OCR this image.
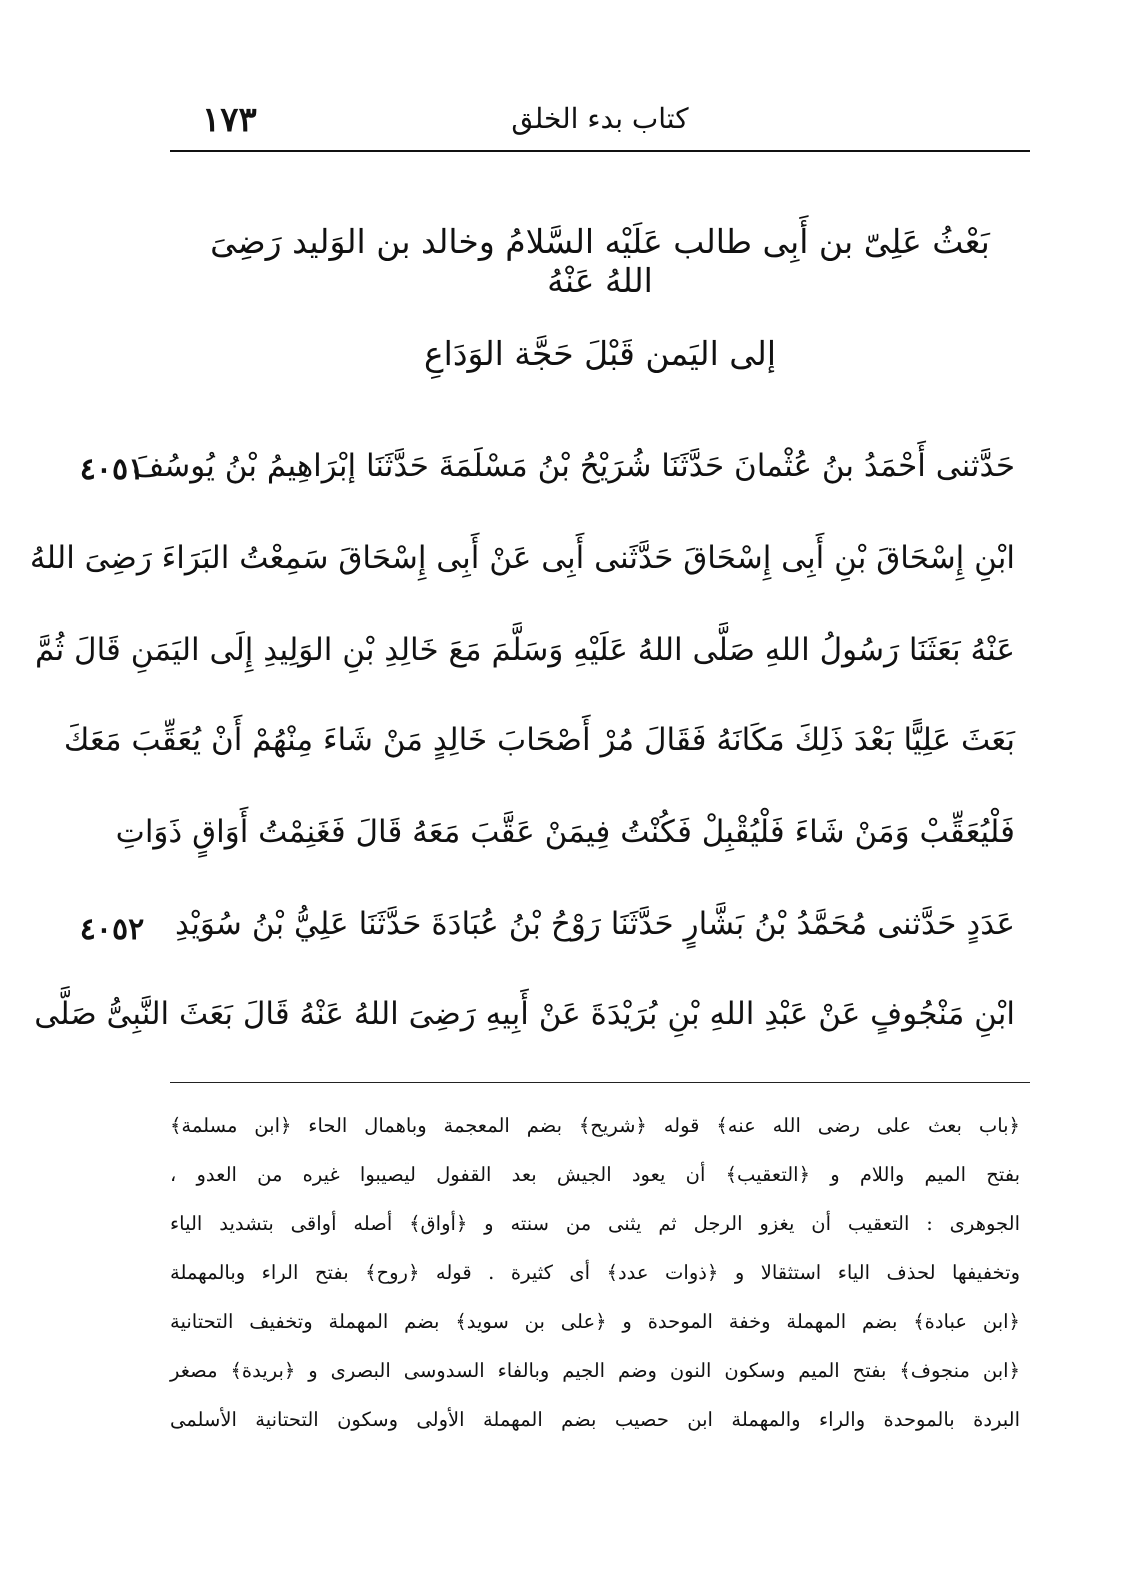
١٧٣	كتاب بدء الخلق
بَعْثُ عَلِىّ بن أَبِى طالب عَلَيْه السَّلامُ وخالد بن الوَليد رَضِىَ اللهُ عَنْهُ
إلى اليَمن قَبْلَ حَجَّة الوَدَاعِ
٤٠٥١
٤٠٥٢
حَدَّثنى أَحْمَدُ بنُ عُثْمانَ حَدَّثَنَا شُرَيْحُ بْنُ مَسْلَمَةَ حَدَّثَنَا إبْرَاهِيمُ بْنُ يُوسُفَ
ابْنِ إِسْحَاقَ بْنِ أَبِى إِسْحَاقَ حَدَّثَنى أَبِى عَنْ أَبِى إِسْحَاقَ سَمِعْتُ البَرَاءَ رَضِىَ اللهُ
عَنْهُ بَعَثَنَا رَسُولُ اللهِ صَلَّى اللهُ عَلَيْهِ وَسَلَّمَ مَعَ خَالِدِ بْنِ الوَلِيدِ إِلَى اليَمَنِ قَالَ ثُمَّ
بَعَثَ عَلِيًّا بَعْدَ ذَلِكَ مَكَانَهُ فَقَالَ مُرْ أَصْحَابَ خَالِدٍ مَنْ شَاءَ مِنْهُمْ أَنْ يُعَقِّبَ مَعَكَ
فَلْيُعَقِّبْ وَمَنْ شَاءَ فَلْيُقْبِلْ فَكُنْتُ فِيمَنْ عَقَّبَ مَعَهُ قَالَ فَغَنِمْتُ أَوَاقٍ ذَوَاتِ
عَدَدٍ حَدَّثنى مُحَمَّدُ بْنُ بَشَّارٍ حَدَّثَنَا رَوْحُ بْنُ عُبَادَةَ حَدَّثَنَا عَلِيُّ بْنُ سُوَيْدِ
ابْنِ مَنْجُوفٍ عَنْ عَبْدِ اللهِ بْنِ بُرَيْدَةَ عَنْ أَبِيهِ رَضِىَ اللهُ عَنْهُ قَالَ بَعَثَ النَّبِىُّ صَلَّى
﴿باب بعث على رضى الله عنه﴾ قوله ﴿شريح﴾ بضم المعجمة وباهمال الحاء ﴿ابن مسلمة﴾
بفتح الميم واللام و ﴿التعقيب﴾ أن يعود الجيش بعد القفول ليصيبوا غيره من العدو ،
الجوهرى : التعقيب أن يغزو الرجل ثم يثنى من سنته و ﴿أواق﴾ أصله أواقى بتشديد الياء
وتخفيفها لحذف الياء استثقالا و ﴿ذوات عدد﴾ أى كثيرة . قوله ﴿روح﴾ بفتح الراء وبالمهملة
﴿ابن عبادة﴾ بضم المهملة وخفة الموحدة و ﴿على بن سويد﴾ بضم المهملة وتخفيف التحتانية
﴿ابن منجوف﴾ بفتح الميم وسكون النون وضم الجيم وبالفاء السدوسى البصرى و ﴿بريدة﴾ مصغر
البردة بالموحدة والراء والمهملة ابن حصيب بضم المهملة الأولى وسكون التحتانية الأسلمى
